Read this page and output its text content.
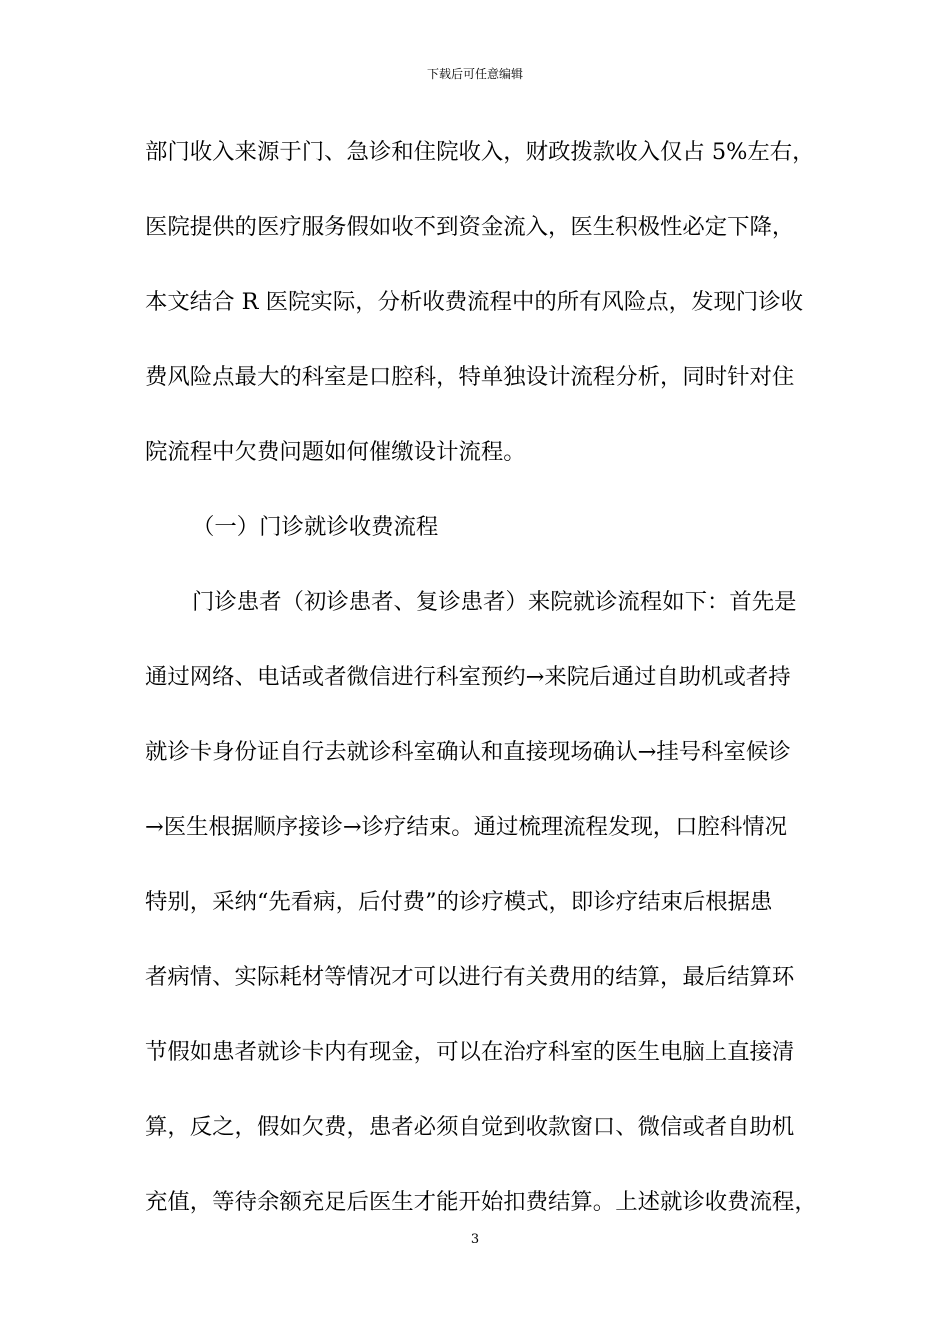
下载后可任意编辑
部门收入来源于门、急诊和住院收入，财政拨款收入仅占 5%左右，
医院提供的医疗服务假如收不到资金流入，医生积极性必定下降，
本文结合 R 医院实际，分析收费流程中的所有风险点，发现门诊收
费风险点最大的科室是口腔科，特单独设计流程分析，同时针对住
院流程中欠费问题如何催缴设计流程。
（一）门诊就诊收费流程
门诊患者（初诊患者、复诊患者）来院就诊流程如下：首先是
通过网络、电话或者微信进行科室预约→来院后通过自助机或者持
就诊卡身份证自行去就诊科室确认和直接现场确认→挂号科室候诊
→医生根据顺序接诊→诊疗结束。通过梳理流程发现，口腔科情况
特别，采纳“先看病，后付费”的诊疗模式，即诊疗结束后根据患
者病情、实际耗材等情况才可以进行有关费用的结算，最后结算环
节假如患者就诊卡内有现金，可以在治疗科室的医生电脑上直接清
算，反之，假如欠费，患者必须自觉到收款窗口、微信或者自助机
充值，等待余额充足后医生才能开始扣费结算。上述就诊收费流程，
3
